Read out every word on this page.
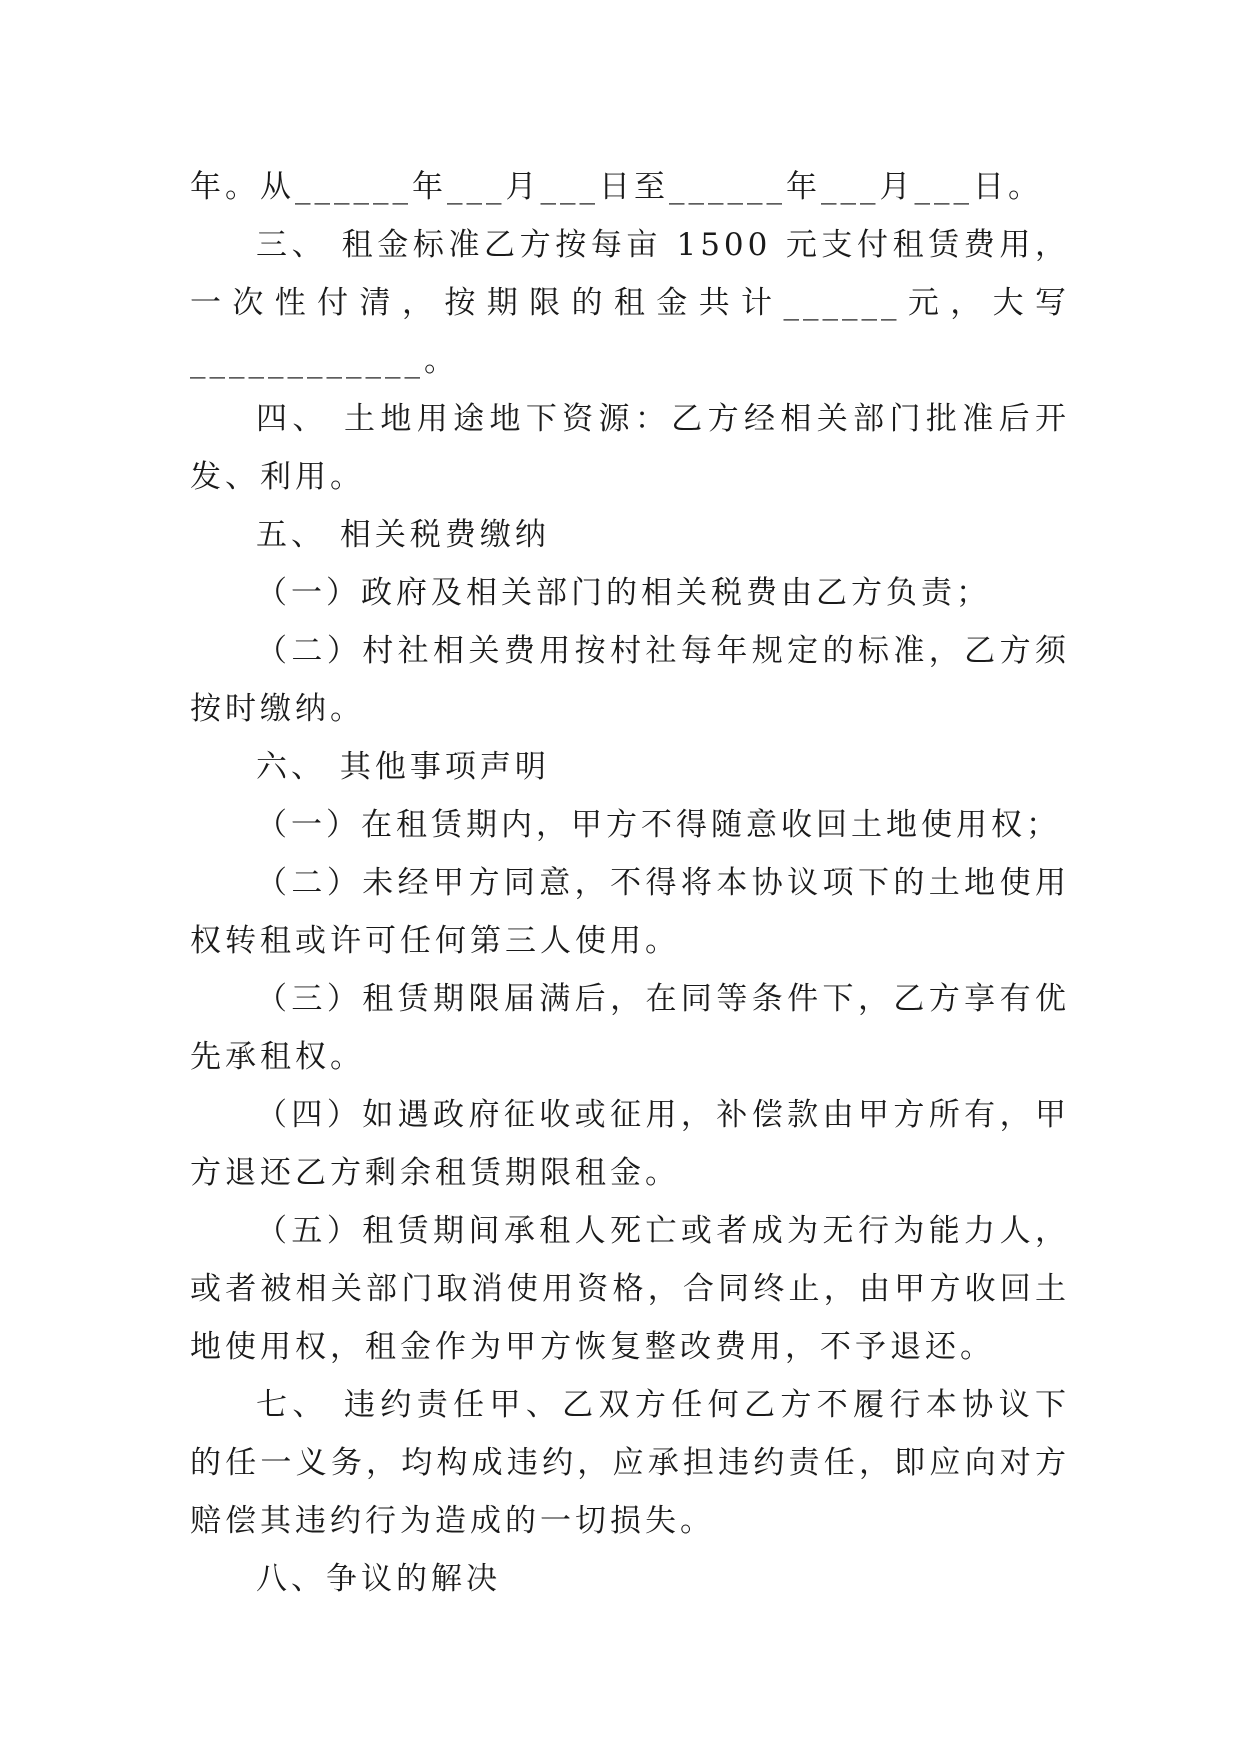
年。从______年___月___日至______年___月___日。

三、 租金标准乙方按每亩 1500 元支付租赁费用，一次性付清，按期限的租金共计______元，大写____________。

四、 土地用途地下资源：乙方经相关部门批准后开发、利用。

五、 相关税费缴纳

（一）政府及相关部门的相关税费由乙方负责；

（二）村社相关费用按村社每年规定的标准，乙方须按时缴纳。

六、 其他事项声明

（一）在租赁期内，甲方不得随意收回土地使用权；

（二）未经甲方同意，不得将本协议项下的土地使用权转租或许可任何第三人使用。

（三）租赁期限届满后，在同等条件下，乙方享有优先承租权。

（四）如遇政府征收或征用，补偿款由甲方所有，甲方退还乙方剩余租赁期限租金。

（五）租赁期间承租人死亡或者成为无行为能力人，或者被相关部门取消使用资格，合同终止，由甲方收回土地使用权，租金作为甲方恢复整改费用，不予退还。

七、 违约责任甲、乙双方任何乙方不履行本协议下的任一义务，均构成违约，应承担违约责任，即应向对方赔偿其违约行为造成的一切损失。

八、争议的解决
